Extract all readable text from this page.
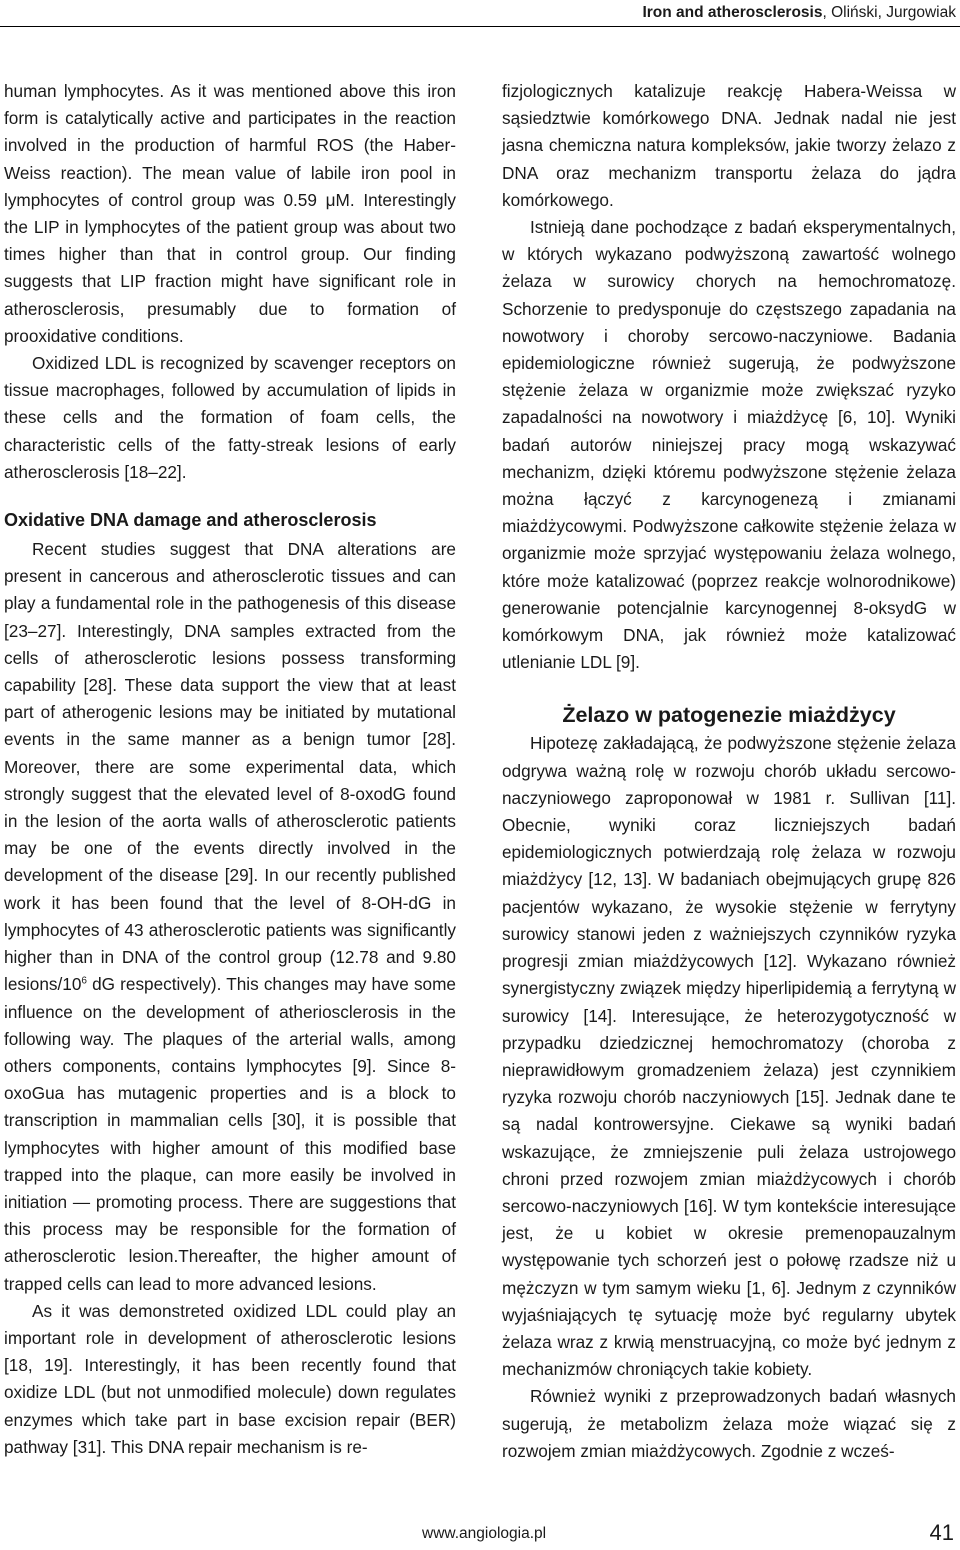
Iron and atherosclerosis, Oliński, Jurgowiak

human lymphocytes. As it was mentioned above this iron form is catalytically active and participates in the reaction involved in the production of harmful ROS (the Haber-Weiss reaction). The mean value of labile iron pool in lymphocytes of control group was 0.59 μM. Interestingly the LIP in lymphocytes of the patient group was about two times higher than that in control group. Our finding suggests that LIP fraction might have significant role in atherosclerosis, presumably due to formation of prooxidative conditions.

Oxidized LDL is recognized by scavenger receptors on tissue macrophages, followed by accumulation of lipids in these cells and the formation of foam cells, the characteristic cells of the fatty-streak lesions of early atherosclerosis [18–22].

Oxidative DNA damage and atherosclerosis

Recent studies suggest that DNA alterations are present in cancerous and atherosclerotic tissues and can play a fundamental role in the pathogenesis of this disease [23–27]. Interestingly, DNA samples extracted from the cells of atherosclerotic lesions possess transforming capability [28]. These data support the view that at least part of atherogenic lesions may be initiated by mutational events in the same manner as a benign tumor [28]. Moreover, there are some experimental data, which strongly suggest that the elevated level of 8-oxodG found in the lesion of the aorta walls of atherosclerotic patients may be one of the events directly involved in the development of the disease [29]. In our recently published work it has been found that the level of 8-OH-dG in lymphocytes of 43 atherosclerotic patients was significantly higher than in DNA of the control group (12.78 and 9.80 lesions/$10^6$ dG respectively). This changes may have some influence on the development of atheriosclerosis in the following way. The plaques of the arterial walls, among others components, contains lymphocytes [9]. Since 8-oxoGua has mutagenic properties and is a block to transcription in mammalian cells [30], it is possible that lymphocytes with higher amount of this modified base trapped into the plaque, can more easily be involved in initiation — promoting process. There are suggestions that this process may be responsible for the formation of atherosclerotic lesion.Thereafter, the higher amount of trapped cells can lead to more advanced lesions.

As it was demonstreted oxidized LDL could play an important role in development of atherosclerotic lesions [18, 19]. Interestingly, it has been recently found that oxidize LDL (but not unmodified molecule) down regulates enzymes which take part in base excision repair (BER) pathway [31]. This DNA repair mechanism is re-

fizjologicznych katalizuje reakcję Habera-Weissa w sąsiedztwie komórkowego DNA. Jednak nadal nie jest jasna chemiczna natura kompleksów, jakie tworzy żelazo z DNA oraz mechanizm transportu żelaza do jądra komórkowego.

Istnieją dane pochodzące z badań eksperymentalnych, w których wykazano podwyższoną zawartość wolnego żelaza w surowicy chorych na hemochromatozę. Schorzenie to predysponuje do częstszego zapadania na nowotwory i choroby sercowo-naczyniowe. Badania epidemiologiczne również sugerują, że podwyższone stężenie żelaza w organizmie może zwiększać ryzyko zapadalności na nowotwory i miażdżycę [6, 10]. Wyniki badań autorów niniejszej pracy mogą wskazywać mechanizm, dzięki któremu podwyższone stężenie żelaza można łączyć z karcynogenezą i zmianami miażdżycowymi. Podwyższone całkowite stężenie żelaza w organizmie może sprzyjać występowaniu żelaza wolnego, które może katalizować (poprzez reakcje wolnorodnikowe) generowanie potencjalnie karcynogennej 8-oksydG w komórkowym DNA, jak również może katalizować utlenianie LDL [9].

Żelazo w patogenezie miażdżycy

Hipotezę zakładającą, że podwyższone stężenie żelaza odgrywa ważną rolę w rozwoju chorób układu sercowo-naczyniowego zaproponował w 1981 r. Sullivan [11]. Obecnie, wyniki coraz liczniejszych badań epidemiologicznych potwierdzają rolę żelaza w rozwoju miażdżycy [12, 13]. W badaniach obejmujących grupę 826 pacjentów wykazano, że wysokie stężenie w ferrytyny surowicy stanowi jeden z ważniejszych czynników ryzyka progresji zmian miażdżycowych [12]. Wykazano również synergistyczny związek między hiperlipidemią a ferrytyną w surowicy [14]. Interesujące, że heterozygotyczność w przypadku dziedzicznej hemochromatozy (choroba z nieprawidłowym gromadzeniem żelaza) jest czynnikiem ryzyka rozwoju chorób naczyniowych [15]. Jednak dane te są nadal kontrowersyjne. Ciekawe są wyniki badań wskazujące, że zmniejszenie puli żelaza ustrojowego chroni przed rozwojem zmian miażdżycowych i chorób sercowo-naczyniowych [16]. W tym kontekście interesujące jest, że u kobiet w okresie premenopauzalnym występowanie tych schorzeń jest o połowę rzadsze niż u mężczyzn w tym samym wieku [1, 6]. Jednym z czynników wyjaśniających tę sytuację może być regularny ubytek żelaza wraz z krwią menstruacyjną, co może być jednym z mechanizmów chroniących takie kobiety.

Również wyniki z przeprowadzonych badań własnych sugerują, że metabolizm żelaza może wiązać się z rozwojem zmian miażdżycowych. Zgodnie z wcześ-

www.angiologia.pl	41
